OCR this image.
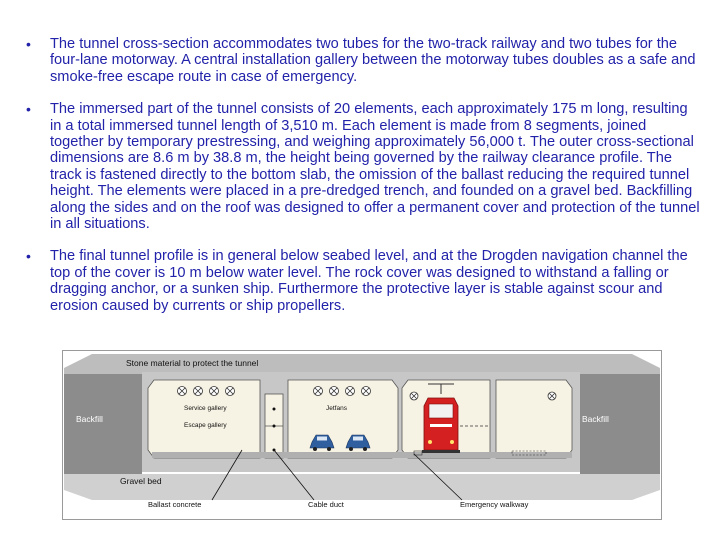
• The tunnel cross-section accommodates two tubes for the two-track railway and two tubes for the four-lane motorway. A central installation gallery between the motorway tubes doubles as a safe and smoke-free escape route in case of emergency.
• The immersed part of the tunnel consists of 20 elements, each approximately 175 m long, resulting in a total immersed tunnel length of 3,510 m. Each element is made from 8 segments, joined together by temporary prestressing, and weighing approximately 56,000 t. The outer cross-sectional dimensions are 8.6 m by 38.8 m, the height being governed by the railway clearance profile. The track is fastened directly to the bottom slab, the omission of the ballast reducing the required tunnel height. The elements were placed in a pre-dredged trench, and founded on a gravel bed. Backfilling along the sides and on the roof was designed to offer a permanent cover and protection of the tunnel in all situations.
• The final tunnel profile is in general below seabed level, and at the Drogden navigation channel the top of the cover is 10 m below water level. The rock cover was designed to withstand a falling or dragging anchor, or a sunken ship. Furthermore the protective layer is stable against scour and erosion caused by currents or ship propellers.
Stone material to protect the tunnel
Backfill	Backfill
Gravel bed
Service gallery
Escape gallery
Jetfans
Ballast concrete	Cable duct	Emergency walkway
